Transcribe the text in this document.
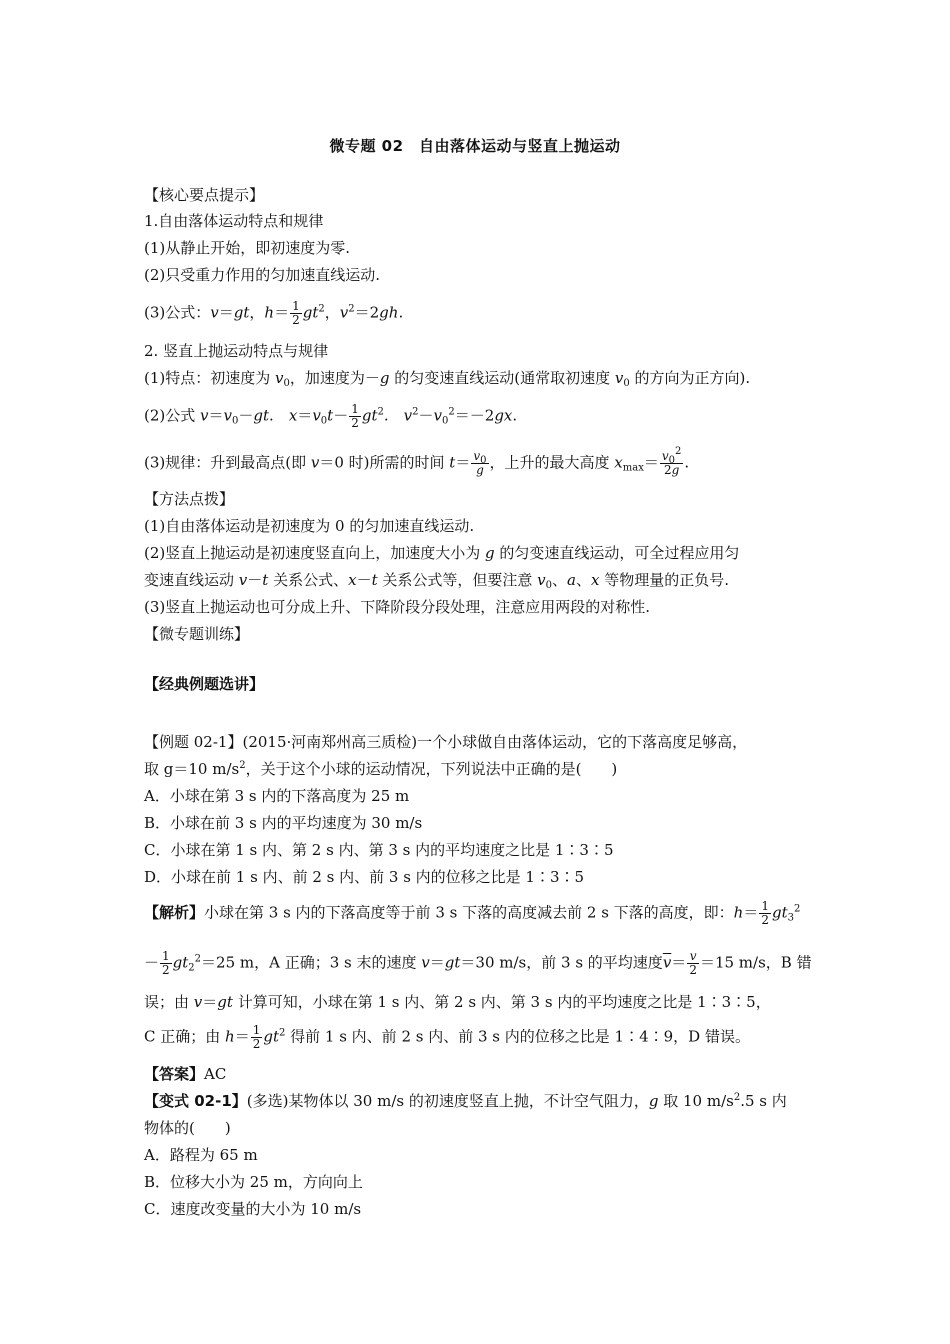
微专题 02　自由落体运动与竖直上抛运动
【核心要点提示】
1.自由落体运动特点和规律
(1)从静止开始，即初速度为零.
(2)只受重力作用的匀加速直线运动.
(3)公式：v＝gt，$h= \frac{1}{2} gt^2$，$v^2=2gh$.
2. 竖直上抛运动特点与规律
(1)特点：初速度为 $v_0$，加速度为－g 的匀变速直线运动(通常取初速度 $v_0$ 的方向为正方向).
(2)公式 $v=v_0-gt$.　$x=v_0t- \frac{1}{2} gt^2$.　$v^2-v_0^2=-2gx$.
(3)规律：升到最高点(即 v＝0 时)所需的时间 $t= \frac{v_0}{g}$ ，上升的最大高度 $x_{max}= \frac{v_0^2}{2g}$ .
【方法点拨】
(1)自由落体运动是初速度为 0 的匀加速直线运动.
(2)竖直上抛运动是初速度竖直向上，加速度大小为 g 的匀变速直线运动，可全过程应用匀
变速直线运动 v－t 关系公式、x－t 关系公式等，但要注意 $v_0$、a、x 等物理量的正负号.
(3)竖直上抛运动也可分成上升、下降阶段分段处理，注意应用两段的对称性.
【微专题训练】
【经典例题选讲】
【例题 02-1】(2015·河南郑州高三质检)一个小球做自由落体运动，它的下落高度足够高，
取 g＝10 $m/s^2$，关于这个小球的运动情况，下列说法中正确的是(　　)
A．小球在第 3 s 内的下落高度为 25 m
B．小球在前 3 s 内的平均速度为 30 m/s
C．小球在第 1 s 内、第 2 s 内、第 3 s 内的平均速度之比是 1∶3∶5
D．小球在前 1 s 内、前 2 s 内、前 3 s 内的位移之比是 1∶3∶5
【解析】小球在第 3 s 内的下落高度等于前 3 s 下落的高度减去前 2 s 下落的高度，即：$h= \frac{1}{2} gt_3^2$
－ $\frac{1}{2} gt_2^2=25$ m，A 正确；3 s 末的速度 v＝gt＝30 m/s，前 3 s 的平均速度$\overline{v}= \frac{v}{2} =15$ m/s，B 错
误；由 v＝gt 计算可知，小球在第 1 s 内、第 2 s 内、第 3 s 内的平均速度之比是 1∶3∶5，
C 正确；由 $h= \frac{1}{2} gt^2$ 得前 1 s 内、前 2 s 内、前 3 s 内的位移之比是 1∶4∶9，D 错误。
【答案】AC
【变式 02-1】(多选)某物体以 30 m/s 的初速度竖直上抛，不计空气阻力，g 取 10 $m/s^2.5$ s 内
物体的(　　)
A．路程为 65 m
B．位移大小为 25 m，方向向上
C．速度改变量的大小为 10 m/s
